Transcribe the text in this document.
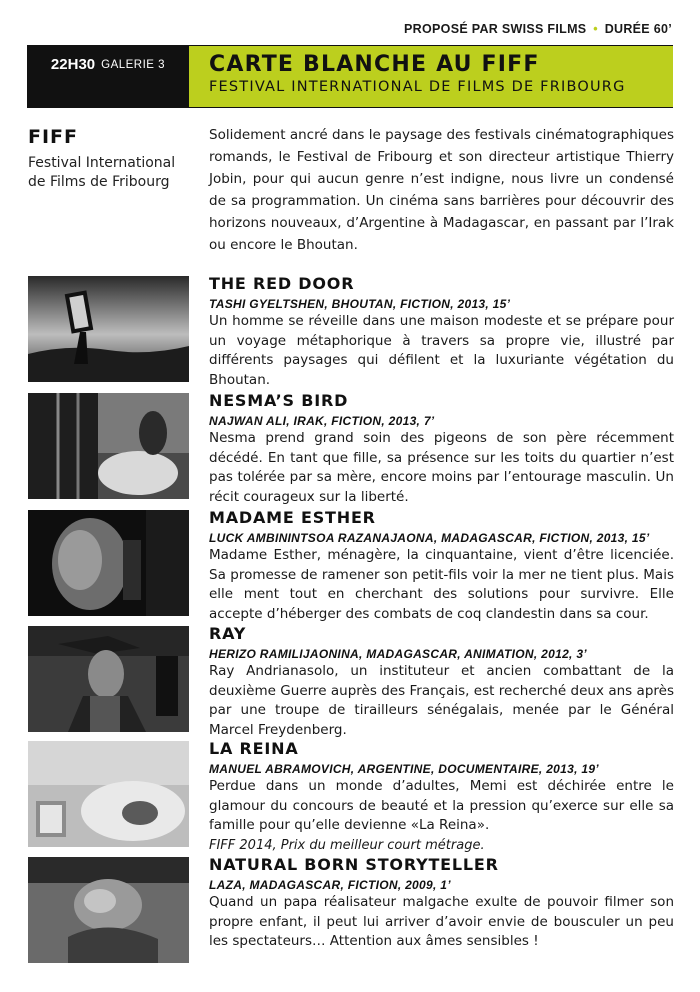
PROPOSÉ PAR SWISS FILMS • DURÉE 60’
22H30 GALERIE 3 CARTE BLANCHE AU FIFF
FESTIVAL INTERNATIONAL DE FILMS DE FRIBOURG
FIFF
Festival International
de Films de Fribourg
Solidement ancré dans le paysage des festivals cinématographiques romands, le Festival de Fribourg et son directeur artistique Thierry Jobin, pour qui aucun genre n’est indigne, nous livre un condensé de sa programmation. Un cinéma sans barrières pour découvrir des horizons nouveaux, d’Argentine à Madagascar, en passant par l’Irak ou encore le Bhoutan.
THE RED DOOR
TASHI GYELTSHEN, BHOUTAN, FICTION, 2013, 15’
Un homme se réveille dans une maison modeste et se prépare pour un voyage métaphorique à travers sa propre vie, illustré par différents paysages qui défilent et la luxuriante végétation du Bhoutan.
NESMA’S BIRD
NAJWAN ALI, IRAK, FICTION, 2013, 7’
Nesma prend grand soin des pigeons de son père récemment décédé. En tant que fille, sa présence sur les toits du quartier n’est pas tolérée par sa mère, encore moins par l’entourage masculin. Un récit courageux sur la liberté.
MADAME ESTHER
LUCK AMBININTSOA RAZANAJAONA, MADAGASCAR, FICTION, 2013, 15’
Madame Esther, ménagère, la cinquantaine, vient d’être licenciée. Sa promesse de ramener son petit-fils voir la mer ne tient plus. Mais elle ment tout en cherchant des solutions pour survivre. Elle accepte d’héberger des combats de coq clandestin dans sa cour.
RAY
HERIZO RAMILIJAONINA, MADAGASCAR, ANIMATION, 2012, 3’
Ray Andrianasolo, un instituteur et ancien combattant de la deuxième Guerre auprès des Français, est recherché deux ans après par une troupe de tirailleurs sénégalais, menée par le Général Marcel Freydenberg.
LA REINA
MANUEL ABRAMOVICH, ARGENTINE, DOCUMENTAIRE, 2013, 19’
Perdue dans un monde d’adultes, Memi est déchirée entre le glamour du concours de beauté et la pression qu’exerce sur elle sa famille pour qu’elle devienne «La Reina».
FIFF 2014, Prix du meilleur court métrage.
NATURAL BORN STORYTELLER
LAZA, MADAGASCAR, FICTION, 2009, 1’
Quand un papa réalisateur malgache exulte de pouvoir filmer son propre enfant, il peut lui arriver d’avoir envie de bousculer un peu les spectateurs… Attention aux âmes sensibles !
